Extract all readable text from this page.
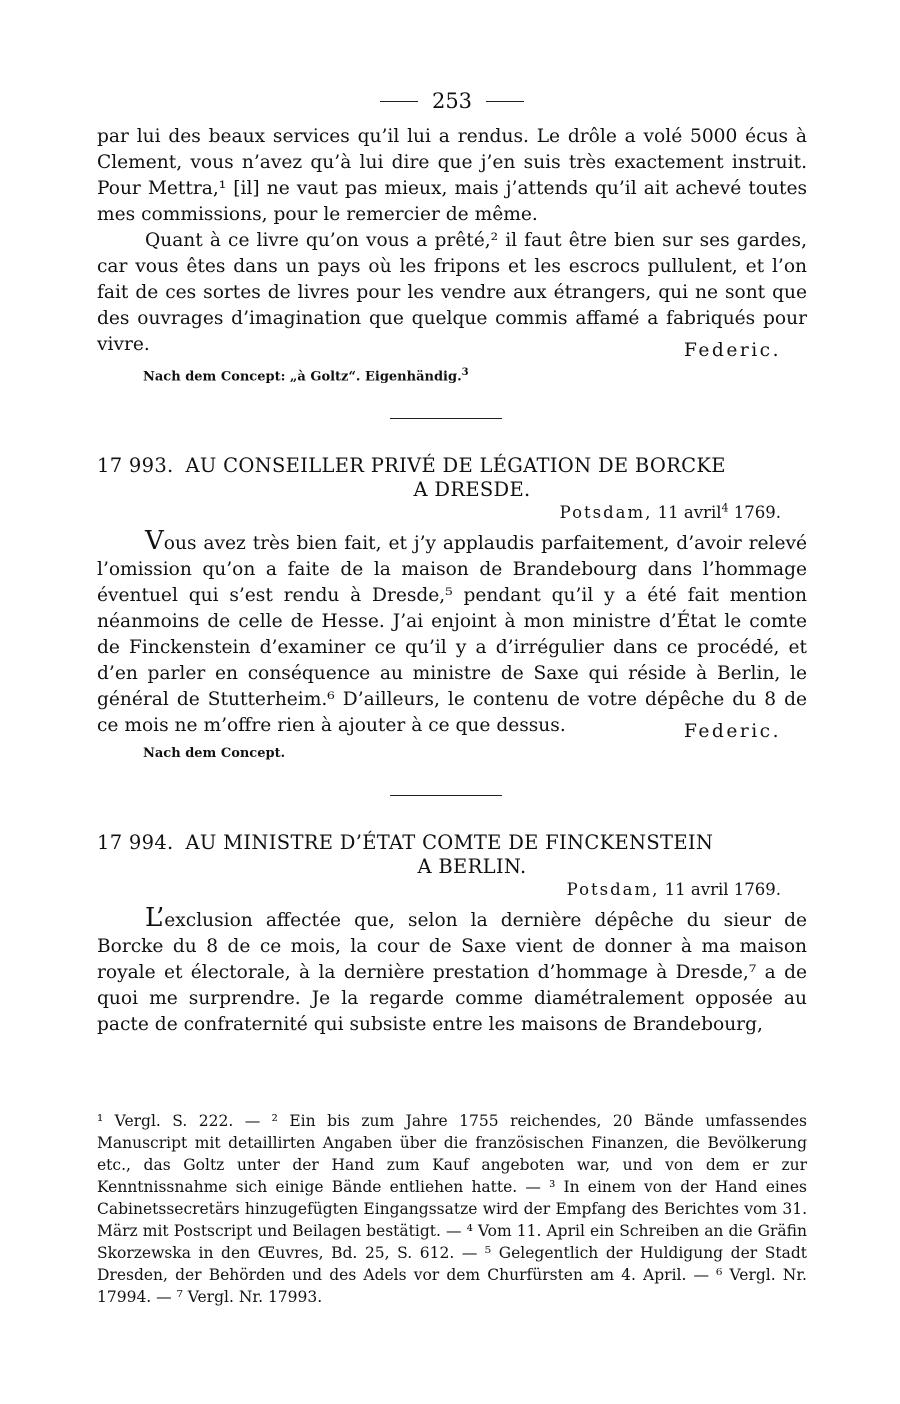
253

par lui des beaux services qu’il lui a rendus. Le drôle a volé 5000 écus à Clement, vous n’avez qu’à lui dire que j’en suis très exactement instruit. Pour Mettra,¹ [il] ne vaut pas mieux, mais j’attends qu’il ait achevé toutes mes commissions, pour le remercier de même.

Quant à ce livre qu’on vous a prêté,² il faut être bien sur ses gardes, car vous êtes dans un pays où les fripons et les escrocs pullulent, et l’on fait de ces sortes de livres pour les vendre aux étrangers, qui ne sont que des ouvrages d’imagination que quelque commis affamé a fabriqués pour vivre.	Federic.
Nach dem Concept: „à Goltz“. Eigenhändig.$^3$

17 993. AU CONSEILLER PRIVÉ DE LÉGATION DE BORCKE

A DRESDE.
Potsdam, 11 avril$^4$ 1769.

Vous avez très bien fait, et j’y applaudis parfaitement, d’avoir relevé l’omission qu’on a faite de la maison de Brandebourg dans l’hommage éventuel qui s’est rendu à Dresde,⁵ pendant qu’il y a été fait mention néanmoins de celle de Hesse. J’ai enjoint à mon ministre d’État le comte de Finckenstein d’examiner ce qu’il y a d’irrégulier dans ce procédé, et d’en parler en conséquence au ministre de Saxe qui réside à Berlin, le général de Stutterheim.⁶ D’ailleurs, le contenu de votre dépêche du 8 de ce mois ne m’offre rien à ajouter à ce que dessus.	Federic.
Nach dem Concept.

17 994. AU MINISTRE D’ÉTAT COMTE DE FINCKENSTEIN

A BERLIN.
Potsdam, 11 avril 1769.

L’exclusion affectée que, selon la dernière dépêche du sieur de Borcke du 8 de ce mois, la cour de Saxe vient de donner à ma maison royale et électorale, à la dernière prestation d’hommage à Dresde,⁷ a de quoi me surprendre. Je la regarde comme diamétralement opposée au pacte de confraternité qui subsiste entre les maisons de Brandebourg,

¹ Vergl. S. 222. — ² Ein bis zum Jahre 1755 reichendes, 20 Bände umfassendes Manuscript mit detaillirten Angaben über die französischen Finanzen, die Bevölkerung etc., das Goltz unter der Hand zum Kauf angeboten war, und von dem er zur Kenntnissnahme sich einige Bände entliehen hatte. — ³ In einem von der Hand eines Cabinetssecretärs hinzugefügten Eingangssatze wird der Empfang des Berichtes vom 31. März mit Postscript und Beilagen bestätigt. — ⁴ Vom 11. April ein Schreiben an die Gräfin Skorzewska in den Œuvres, Bd. 25, S. 612. — ⁵ Gelegentlich der Huldigung der Stadt Dresden, der Behörden und des Adels vor dem Churfürsten am 4. April. — ⁶ Vergl. Nr. 17994. — ⁷ Vergl. Nr. 17993.
